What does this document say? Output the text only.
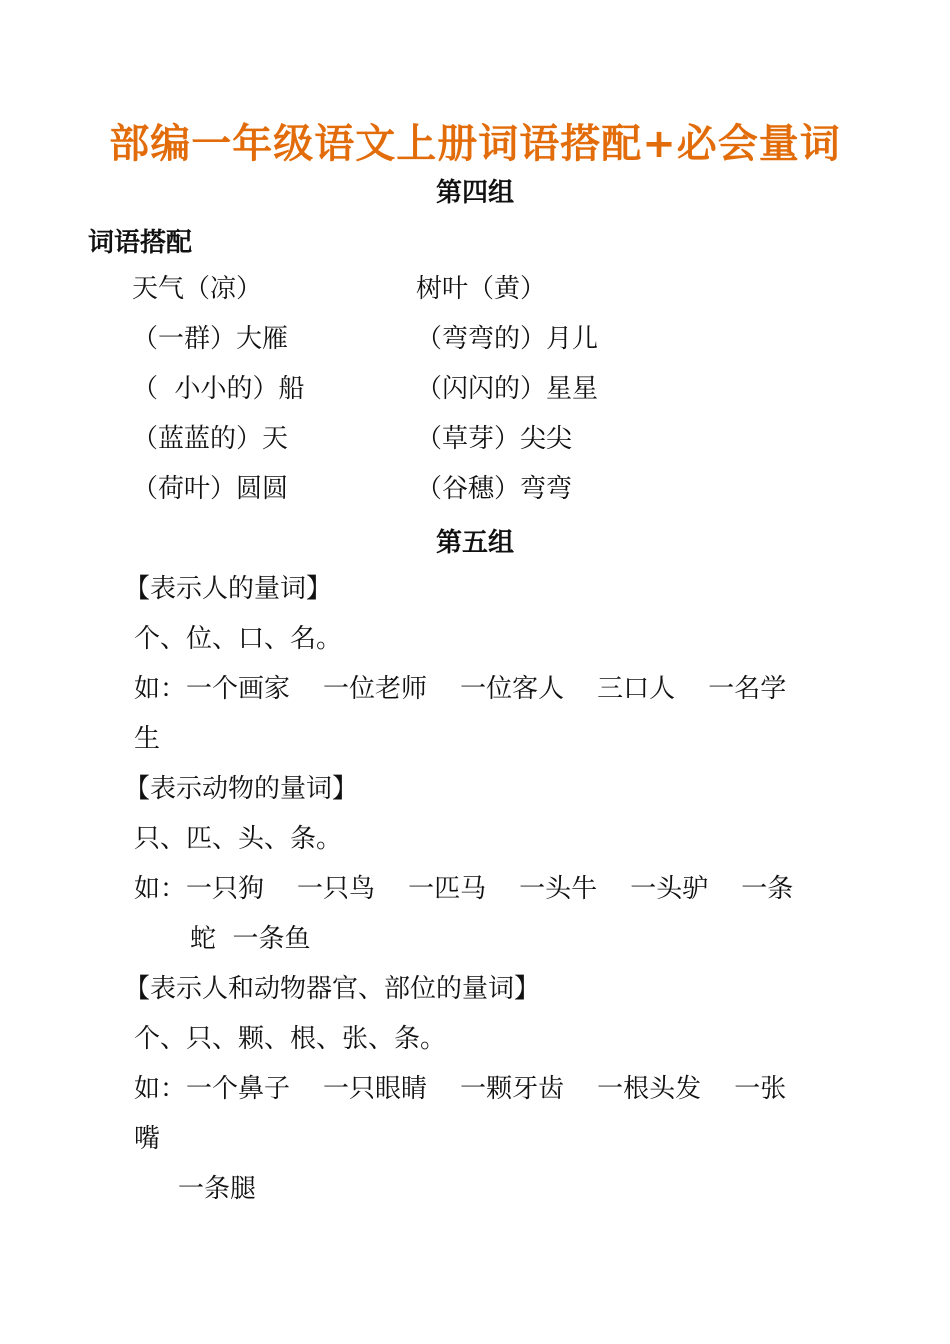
部编一年级语文上册词语搭配+必会量词
第四组
词语搭配
天气（凉）	树叶（黄）
（一群）大雁	（弯弯的）月儿
（  小小的）船	（闪闪的）星星
（蓝蓝的）天	（草芽）尖尖
（荷叶）圆圆	（谷穗）弯弯
第五组
【表示人的量词】
个、位、口、名。
如：一个画家    一位老师    一位客人    三口人    一名学
生
【表示动物的量词】
只、匹、头、条。
如：一只狗    一只鸟    一匹马    一头牛    一头驴    一条
蛇  一条鱼
【表示人和动物器官、部位的量词】
个、只、颗、根、张、条。
如：一个鼻子    一只眼睛    一颗牙齿    一根头发    一张
嘴
一条腿
